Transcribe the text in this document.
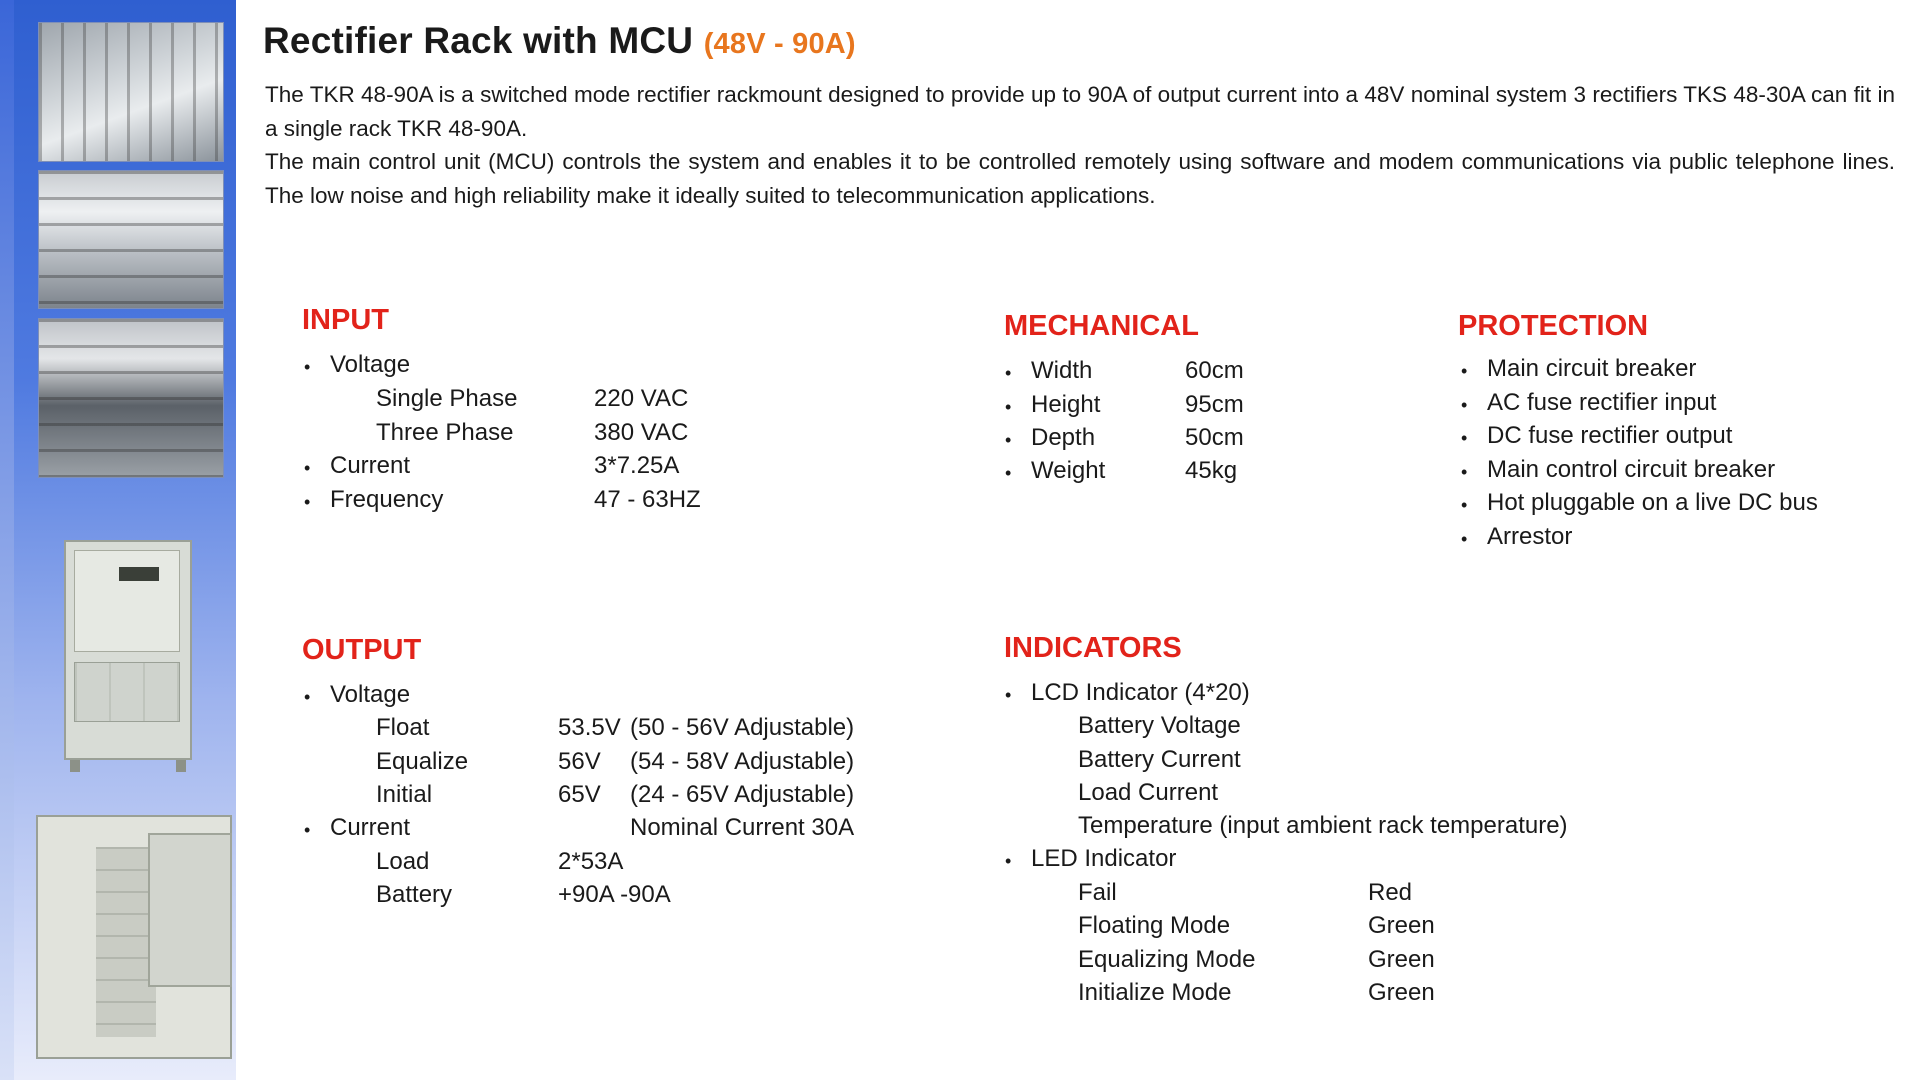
Rectifier Rack with MCU (48V - 90A)

The TKR 48-90A is a switched mode rectifier rackmount designed to provide up to 90A of output current into a 48V nominal system 3 rectifiers TKS 48-30A can fit in a single rack TKR 48-90A.

The main control unit (MCU) controls the system and enables it to be controlled remotely using software and modem communications via public telephone lines. The low noise and high reliability make it ideally suited to telecommunication applications.

INPUT
• Voltage
Single Phase	220 VAC
Three Phase	380 VAC
• Current	3*7.25A
• Frequency	47 - 63HZ
MECHANICAL
• Width	60cm
• Height	95cm
• Depth	50cm
• Weight	45kg
PROTECTION
• Main circuit breaker
• AC fuse rectifier input
• DC fuse rectifier output
• Main control circuit breaker
• Hot pluggable on a live DC bus
• Arrestor
OUTPUT
• Voltage
Float	53.5V (50 - 56V Adjustable)
Equalize	56V (54 - 58V Adjustable)
Initial	65V (24 - 65V Adjustable)
• Current	Nominal Current 30A
Load	2*53A
Battery	+90A -90A
INDICATORS
• LCD Indicator (4*20)
Battery Voltage
Battery Current
Load Current
Temperature (input ambient rack temperature)
• LED Indicator
Fail	Red
Floating Mode	Green
Equalizing Mode	Green
Initialize Mode	Green
